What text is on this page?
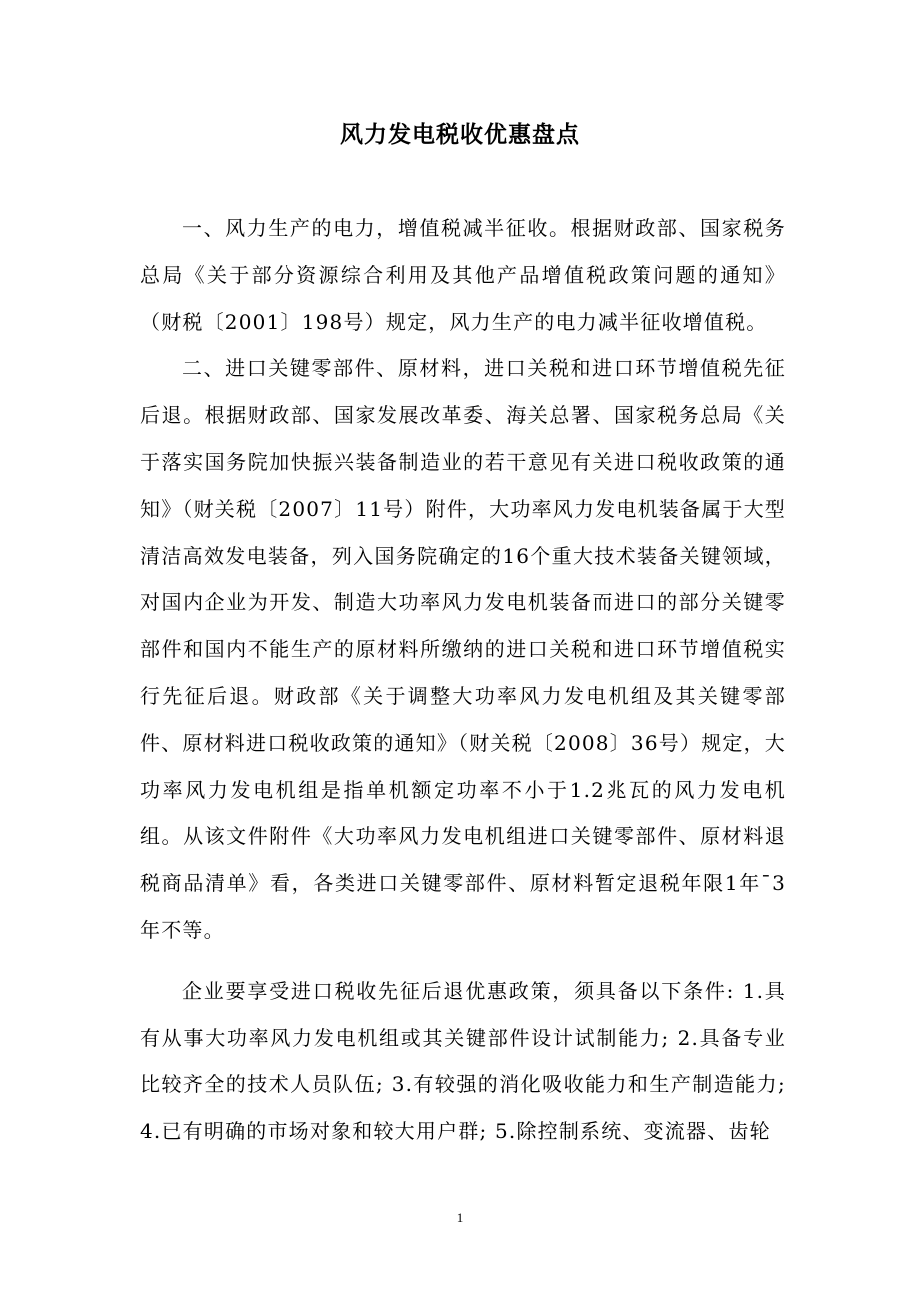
风力发电税收优惠盘点

一、风力生产的电力，增值税减半征收。根据财政部、国家税务总局《关于部分资源综合利用及其他产品增值税政策问题的通知》（财税〔2001〕198号）规定，风力生产的电力减半征收增值税。

二、进口关键零部件、原材料，进口关税和进口环节增值税先征后退。根据财政部、国家发展改革委、海关总署、国家税务总局《关于落实国务院加快振兴装备制造业的若干意见有关进口税收政策的通知》（财关税〔2007〕11号）附件，大功率风力发电机装备属于大型清洁高效发电装备，列入国务院确定的16个重大技术装备关键领域，对国内企业为开发、制造大功率风力发电机装备而进口的部分关键零部件和国内不能生产的原材料所缴纳的进口关税和进口环节增值税实行先征后退。财政部《关于调整大功率风力发电机组及其关键零部件、原材料进口税收政策的通知》（财关税〔2008〕36号）规定，大功率风力发电机组是指单机额定功率不小于1.2兆瓦的风力发电机组。从该文件附件《大功率风力发电机组进口关键零部件、原材料退税商品清单》看，各类进口关键零部件、原材料暂定退税年限1年¯3年不等。

企业要享受进口税收先征后退优惠政策，须具备以下条件: 1.具有从事大功率风力发电机组或其关键部件设计试制能力; 2.具备专业比较齐全的技术人员队伍; 3.有较强的消化吸收能力和生产制造能力; 4.已有明确的市场对象和较大用户群; 5.除控制系统、变流器、齿轮

1
